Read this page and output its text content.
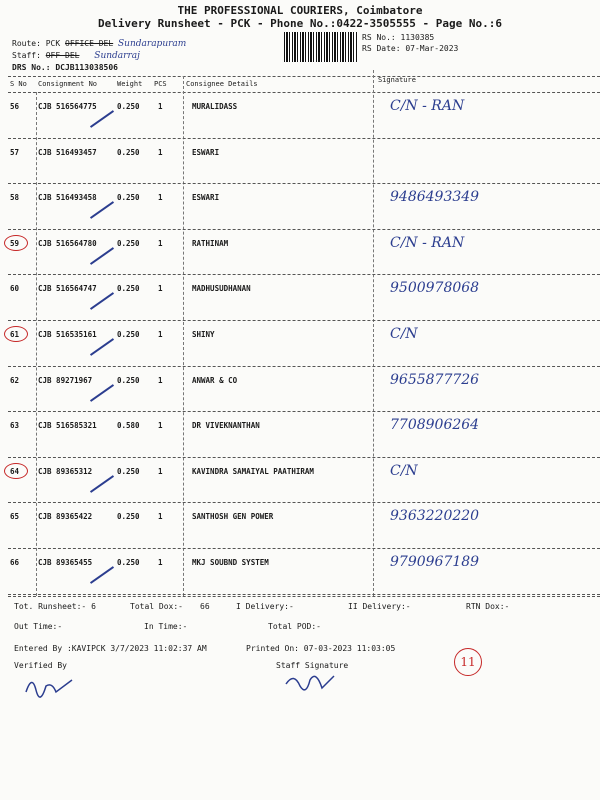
THE PROFESSIONAL COURIERS, Coimbatore
Delivery Runsheet - PCK - Phone No.:0422-3505555 - Page No.:6
Route: PCK OFFICE DEL Sundarapuram
Staff: OFF DEL Sundarraj
DRS No.: DCJB113038506
RS No.: 1130385
RS Date: 07-Mar-2023
S No Consignment No	Weight PCS	Consignee Details	Signature
56	CJB 516564775	0.250 1	MURALIDASS	C/N - RAN
57	CJB 516493457	0.250 1	ESWARI
58	CJB 516493458	0.250 1	ESWARI	9486493349
59	CJB 516564780	0.250 1	RATHINAM	C/N - RAN
60	CJB 516564747	0.250 1	MADHUSUDHANAN	9500978068
61	CJB 516535161	0.250 1	SHINY	C/N
62	CJB 89271967	0.250 1	ANWAR & CO	9655877726
63	CJB 516585321	0.580 1	DR VIVEKNANTHAN	7708906264
64	CJB 89365312	0.250 1	KAVINDRA SAMAIYAL PAATHIRAM	C/N
65	CJB 89365422	0.250 1	SANTHOSH GEN POWER	9363220220
66	CJB 89365455	0.250 1	MKJ SOUBND SYSTEM	9790967189
Tot. Runsheet:- 6	Total Dox:- 66	I Delivery:-	II Delivery:-	RTN Dox:-
Out Time:-	In Time:-	Total POD:-
Entered By :KAVIPCK 3/7/2023 11:02:37 AM	Printed On: 07-03-2023 11:03:05
Verified By	Staff Signature	11
